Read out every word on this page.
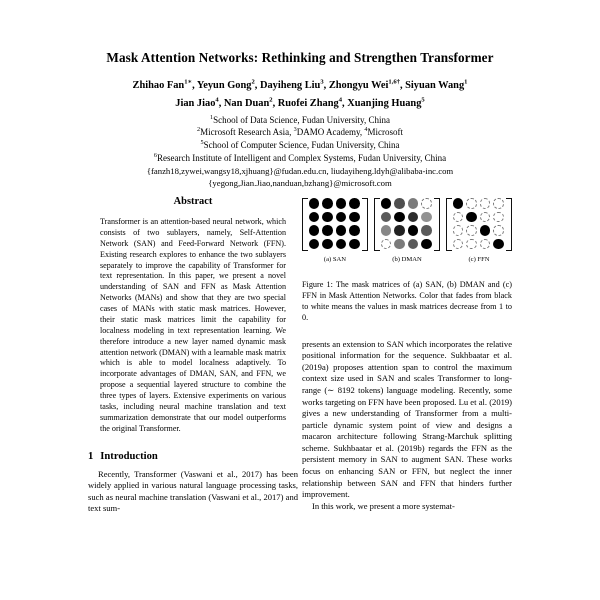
Mask Attention Networks: Rethinking and Strengthen Transformer
Zhihao Fan$^{1∗}$, Yeyun Gong$^2$, Dayiheng Liu$^3$, Zhongyu Wei$^{1,6\dagger}$, Siyuan Wang$^1$
Jian Jiao$^4$, Nan Duan$^2$, Ruofei Zhang$^4$, Xuanjing Huang$^5$
$^1$School of Data Science, Fudan University, China
$^2$Microsoft Research Asia, $^3$DAMO Academy, $^4$Microsoft
$^5$School of Computer Science, Fudan University, China
$^6$Research Institute of Intelligent and Complex Systems, Fudan University, China
{fanzh18,zywei,wangsy18,xjhuang}@fudan.edu.cn, liudayiheng.ldyh@alibaba-inc.com
{yegong,Jian.Jiao,nanduan,bzhang}@microsoft.com
Abstract
Transformer is an attention-based neural network, which consists of two sublayers, namely, Self-Attention Network (SAN) and Feed-Forward Network (FFN). Existing research explores to enhance the two sublayers separately to improve the capability of Transformer for text representation. In this paper, we present a novel understanding of SAN and FFN as Mask Attention Networks (MANs) and show that they are two special cases of MANs with static mask matrices. However, their static mask matrices limit the capability for localness modeling in text representation learning. We therefore introduce a new layer named dynamic mask attention network (DMAN) with a learnable mask matrix which is able to model localness adaptively. To incorporate advantages of DMAN, SAN, and FFN, we propose a sequential layered structure to combine the three types of layers. Extensive experiments on various tasks, including neural machine translation and text summarization demonstrate that our model outperforms the original Transformer.
1 Introduction

Recently, Transformer (Vaswani et al., 2017) has been widely applied in various natural language processing tasks, such as neural machine translation (Vaswani et al., 2017) and text sum-

(a) SAN	(b) DMAN	(c) FFN
Figure 1: The mask matrices of (a) SAN, (b) DMAN and (c) FFN in Mask Attention Networks. Color that fades from black to white means the values in mask matrices decrease from 1 to 0.

presents an extension to SAN which incorporates the relative positional information for the sequence. Sukhbaatar et al. (2019a) proposes attention span to control the maximum context size used in SAN and scales Transformer to long-range (∼ 8192 tokens) language modeling. Recently, some works targeting on FFN have been proposed. Lu et al. (2019) gives a new understanding of Transformer from a multi-particle dynamic system point of view and designs a macaron architecture following Strang-Marchuk splitting scheme. Sukhbaatar et al. (2019b) regards the FFN as the persistent memory in SAN to augment SAN. These works focus on enhancing SAN or FFN, but neglect the inner relationship between SAN and FFN that hinders further improvement.

In this work, we present a more systemat-
